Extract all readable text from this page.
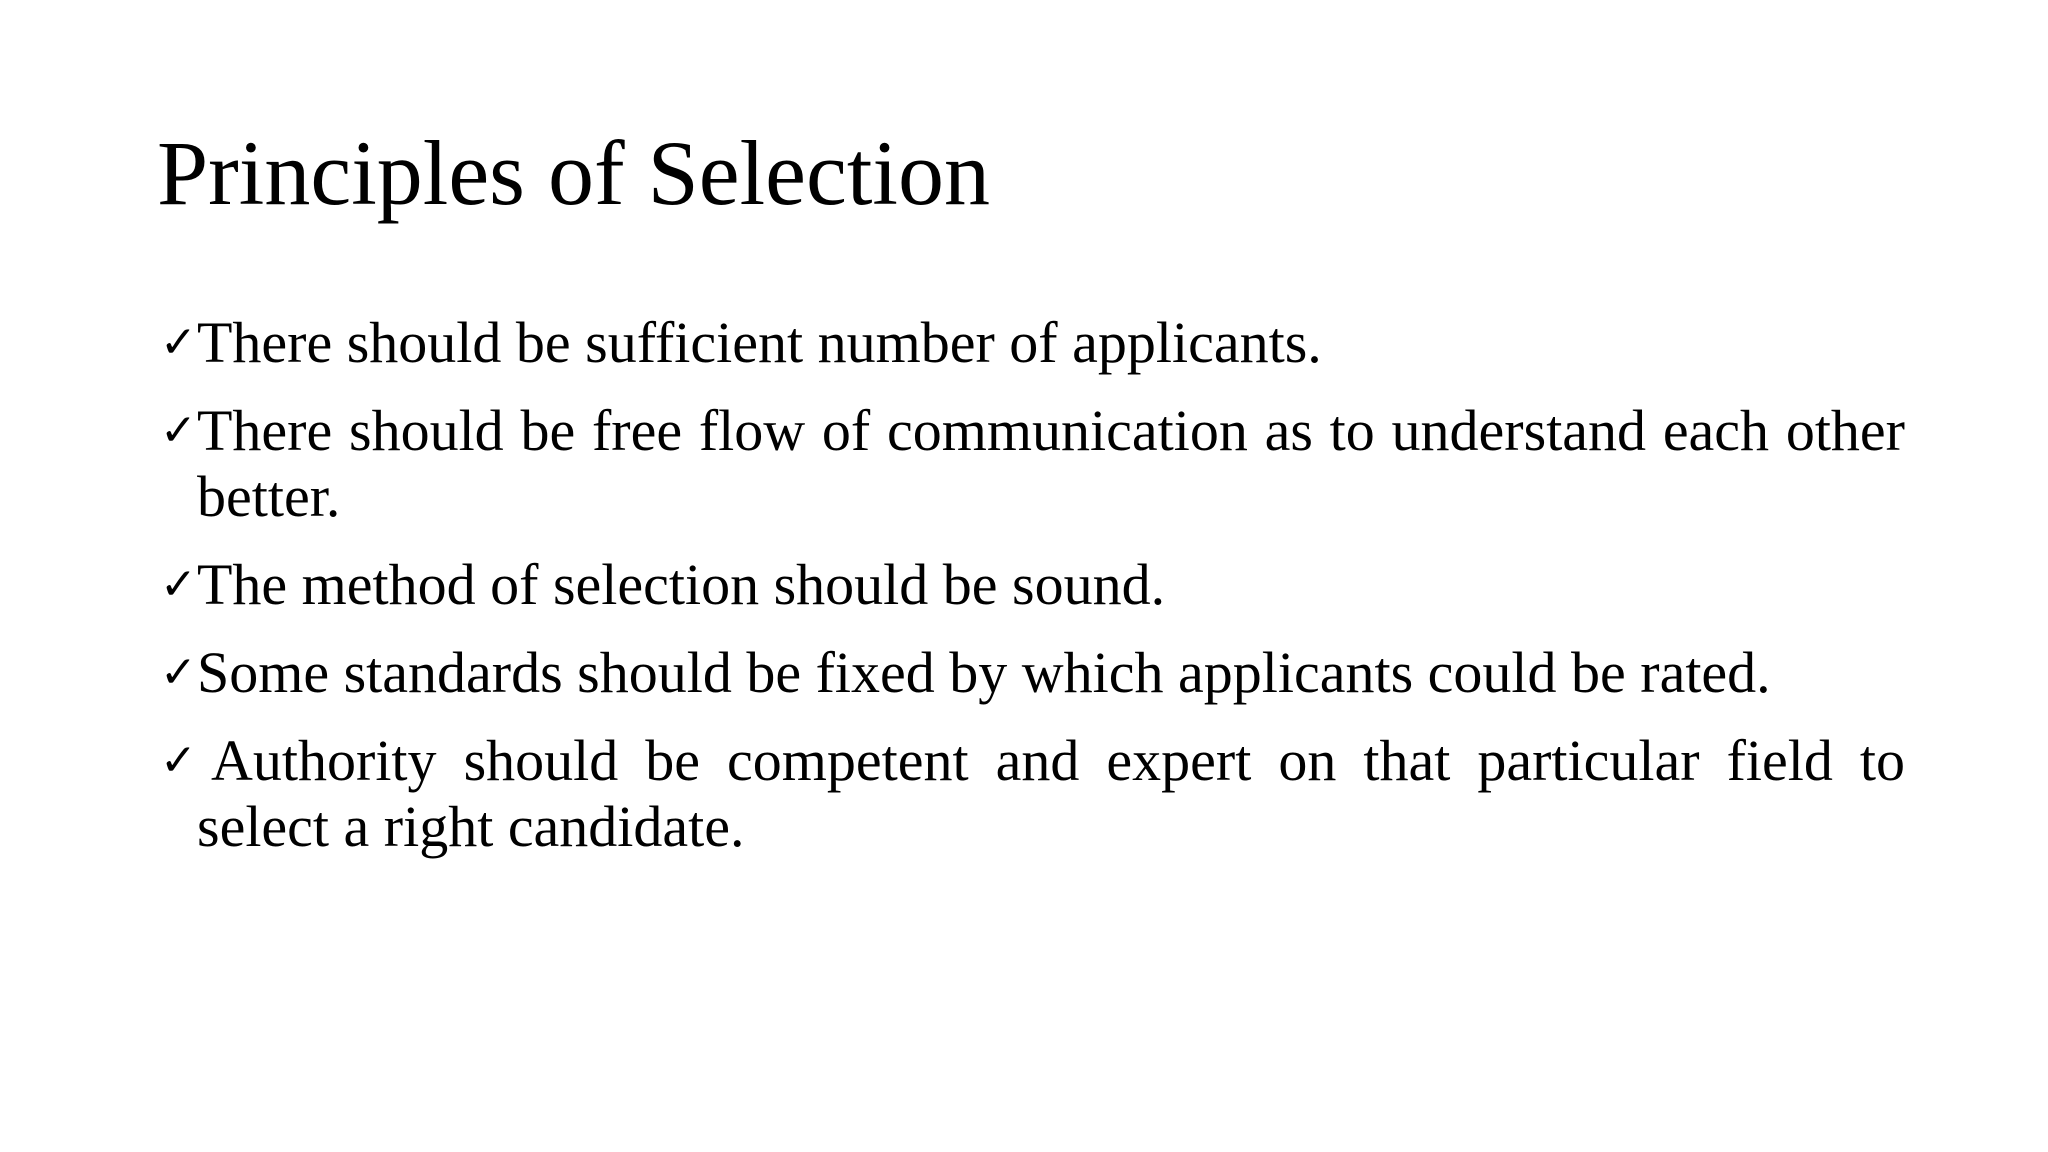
Principles of Selection
✓ There should be sufficient number of applicants.
✓ There should be free flow of communication as to understand each other better.
✓ The method of selection should be sound.
✓ Some standards should be fixed by which applicants could be rated.
✓ Authority should be competent and expert on that particular field to select a right candidate.
